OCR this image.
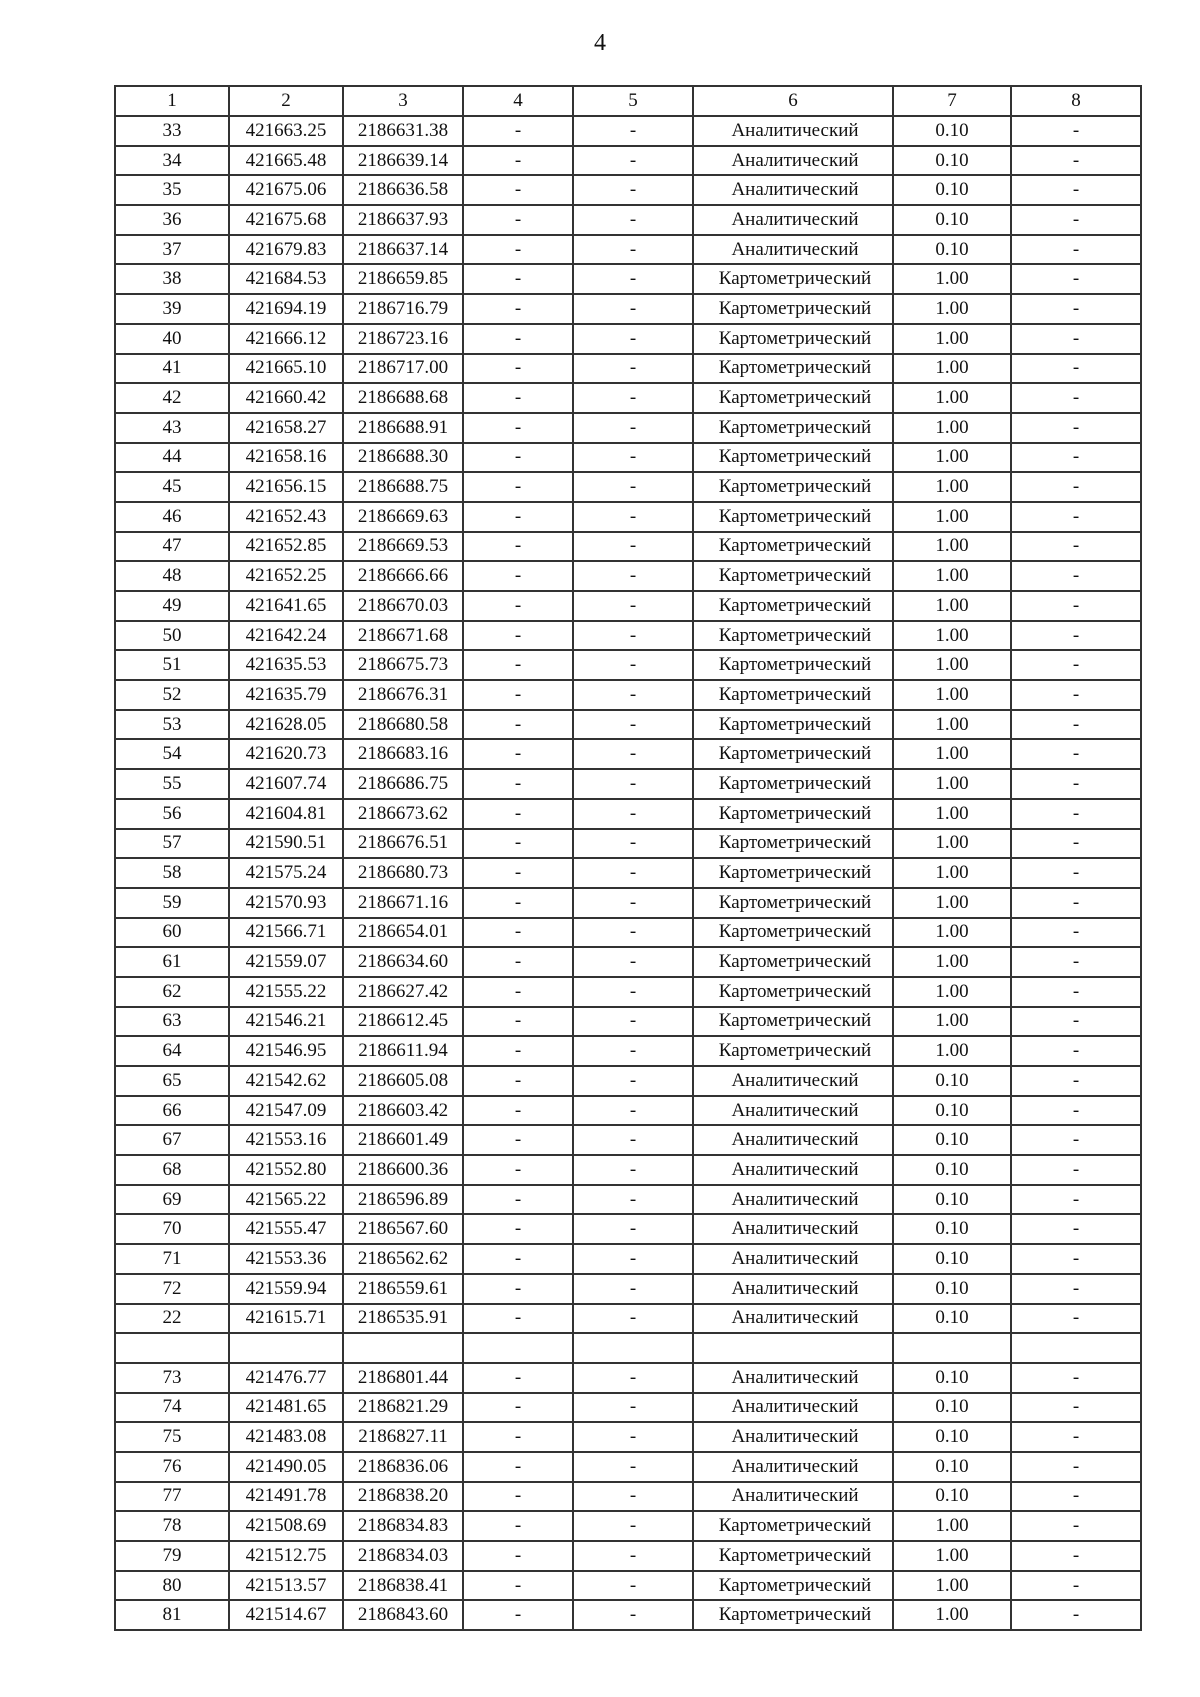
4
1	2	3	4	5	6	7	8
33	421663.25	2186631.38	-	-	Аналитический	0.10	-
34	421665.48	2186639.14	-	-	Аналитический	0.10	-
35	421675.06	2186636.58	-	-	Аналитический	0.10	-
36	421675.68	2186637.93	-	-	Аналитический	0.10	-
37	421679.83	2186637.14	-	-	Аналитический	0.10	-
38	421684.53	2186659.85	-	-	Картометрический	1.00	-
39	421694.19	2186716.79	-	-	Картометрический	1.00	-
40	421666.12	2186723.16	-	-	Картометрический	1.00	-
41	421665.10	2186717.00	-	-	Картометрический	1.00	-
42	421660.42	2186688.68	-	-	Картометрический	1.00	-
43	421658.27	2186688.91	-	-	Картометрический	1.00	-
44	421658.16	2186688.30	-	-	Картометрический	1.00	-
45	421656.15	2186688.75	-	-	Картометрический	1.00	-
46	421652.43	2186669.63	-	-	Картометрический	1.00	-
47	421652.85	2186669.53	-	-	Картометрический	1.00	-
48	421652.25	2186666.66	-	-	Картометрический	1.00	-
49	421641.65	2186670.03	-	-	Картометрический	1.00	-
50	421642.24	2186671.68	-	-	Картометрический	1.00	-
51	421635.53	2186675.73	-	-	Картометрический	1.00	-
52	421635.79	2186676.31	-	-	Картометрический	1.00	-
53	421628.05	2186680.58	-	-	Картометрический	1.00	-
54	421620.73	2186683.16	-	-	Картометрический	1.00	-
55	421607.74	2186686.75	-	-	Картометрический	1.00	-
56	421604.81	2186673.62	-	-	Картометрический	1.00	-
57	421590.51	2186676.51	-	-	Картометрический	1.00	-
58	421575.24	2186680.73	-	-	Картометрический	1.00	-
59	421570.93	2186671.16	-	-	Картометрический	1.00	-
60	421566.71	2186654.01	-	-	Картометрический	1.00	-
61	421559.07	2186634.60	-	-	Картометрический	1.00	-
62	421555.22	2186627.42	-	-	Картометрический	1.00	-
63	421546.21	2186612.45	-	-	Картометрический	1.00	-
64	421546.95	2186611.94	-	-	Картометрический	1.00	-
65	421542.62	2186605.08	-	-	Аналитический	0.10	-
66	421547.09	2186603.42	-	-	Аналитический	0.10	-
67	421553.16	2186601.49	-	-	Аналитический	0.10	-
68	421552.80	2186600.36	-	-	Аналитический	0.10	-
69	421565.22	2186596.89	-	-	Аналитический	0.10	-
70	421555.47	2186567.60	-	-	Аналитический	0.10	-
71	421553.36	2186562.62	-	-	Аналитический	0.10	-
72	421559.94	2186559.61	-	-	Аналитический	0.10	-
22	421615.71	2186535.91	-	-	Аналитический	0.10	-

73	421476.77	2186801.44	-	-	Аналитический	0.10	-
74	421481.65	2186821.29	-	-	Аналитический	0.10	-
75	421483.08	2186827.11	-	-	Аналитический	0.10	-
76	421490.05	2186836.06	-	-	Аналитический	0.10	-
77	421491.78	2186838.20	-	-	Аналитический	0.10	-
78	421508.69	2186834.83	-	-	Картометрический	1.00	-
79	421512.75	2186834.03	-	-	Картометрический	1.00	-
80	421513.57	2186838.41	-	-	Картометрический	1.00	-
81	421514.67	2186843.60	-	-	Картометрический	1.00	-
